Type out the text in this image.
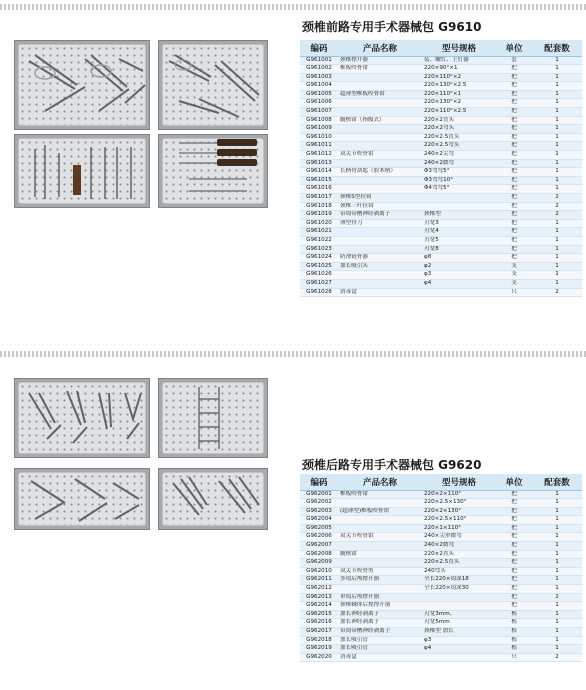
颈椎前路专用手术器械包 G9610
编码	产品名称	型号规格	单位	配套数
G961001	颈椎撑开器	装、螺钉、上钉器	套	1
G961002	椎板咬骨钳	220×90°×1	把	1
G961003		220×110°×2	把	1
G961004		220×130°×2.5	把	1
G961005	超薄型椎板咬骨钳	220×110°×1	把	1
G961006		220×130°×2	把	1
G961007		220×110°×2.5	把	1
G961008	髓核钳（指腹式）	220×2直头	把	1
G961009		220×2弯头	把	1
G961010		220×2.5直头	把	1
G961011		220×2.5弯头	把	1
G961012	双关节咬骨钳	240×2尖弯	把	1
G961013		240×2微弯	把	1
G961014	长柄骨刮匙（胶木柄）	Φ3弯弯5°	把	1
G961015		Φ3弯弯10°	把	1
G961016		Φ4弯弯5°	把	1
G961017	颈椎S型拉钩		把	2
G961018	颈椎三叶拉钩		把	2
G961019	带钩带槽神经剥离子	颈椎型	把	2
G961020	薄型骨刀	刃宽3	把	1
G961021		刃宽4	把	1
G961022		刃宽5	把	1
G961023		刃宽8	把	1
G961024	防滑链骨器	φ8	把	1
G961025	加长吸引头	φ2	支	1
G961026		φ3	支	1
G961027		φ4	支	1
G961028	消毒盒		只	2
颈椎后路专用手术器械包 G9620
编码	产品名称	型号规格	单位	配套数
G962001	椎板咬骨钳	220×2×110°	把	1
G962002		220×2.5×130°	把	1
G962003	(超薄型)椎板咬骨钳	220×2×130°	把	1
G962004		220×2.5×110°	把	1
G962005		220×1×110°	把	1
G962006	双关节咬骨钳	240×尖形微弯	把	1
G962007		240×2微弯	把	1
G962008	髓核钳	220×2直头	把	1
G962009		220×2.5直头	把	1
G962010	双关节咬骨剪	240弯头	把	1
G962011	多钩后颅撑开器	全长220×钩深18	把	1
G962012		全长220×钩深30	把	1
G962013	单钩后颅撑开器		把	2
G962014	颈椎棘体后撑撑开器		把	1
G962015	加长神经剥离子	刃宽3mm、	根	1
G962016	加长神经剥离子	刃宽5mm	根	1
G962017	带钩带槽神经剥离子	颈椎型 加长	根	1
G962018	加长吸引管	φ3	根	1
G962019	加长吸引管	φ4	根	1
G962020	消毒盒		只	2
